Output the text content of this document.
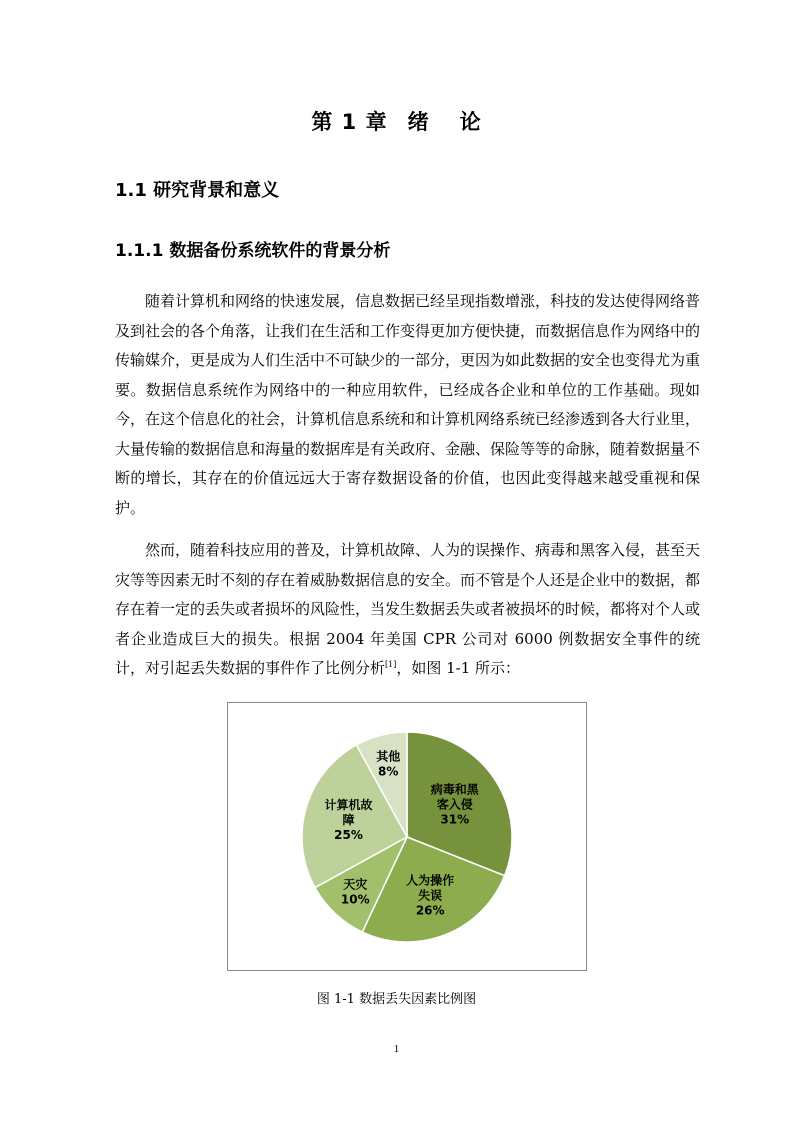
第 1 章 绪 论
1.1 研究背景和意义
1.1.1 数据备份系统软件的背景分析

随着计算机和网络的快速发展，信息数据已经呈现指数增涨，科技的发达使得网络普及到社会的各个角落，让我们在生活和工作变得更加方便快捷，而数据信息作为网络中的传输媒介，更是成为人们生活中不可缺少的一部分，更因为如此数据的安全也变得尤为重要。数据信息系统作为网络中的一种应用软件，已经成各企业和单位的工作基础。现如今，在这个信息化的社会，计算机信息系统和和计算机网络系统已经渗透到各大行业里，大量传输的数据信息和海量的数据库是有关政府、金融、保险等等的命脉，随着数据量不断的增长，其存在的价值远远大于寄存数据设备的价值，也因此变得越来越受重视和保护。

然而，随着科技应用的普及，计算机故障、人为的误操作、病毒和黑客入侵，甚至天灾等等因素无时不刻的存在着威胁数据信息的安全。而不管是个人还是企业中的数据，都存在着一定的丢失或者损坏的风险性，当发生数据丢失或者被损坏的时候，都将对个人或者企业造成巨大的损失。根据 2004 年美国 CPR 公司对 6000 例数据安全事件的统计，对引起丢失数据的事件作了比例分析[1]，如图 1-1 所示：

病毒和黑客入侵 31%
人为操作失误 26%
天灾 10%
计算机故障 25%
其他 8%
图 1-1 数据丢失因素比例图
1
